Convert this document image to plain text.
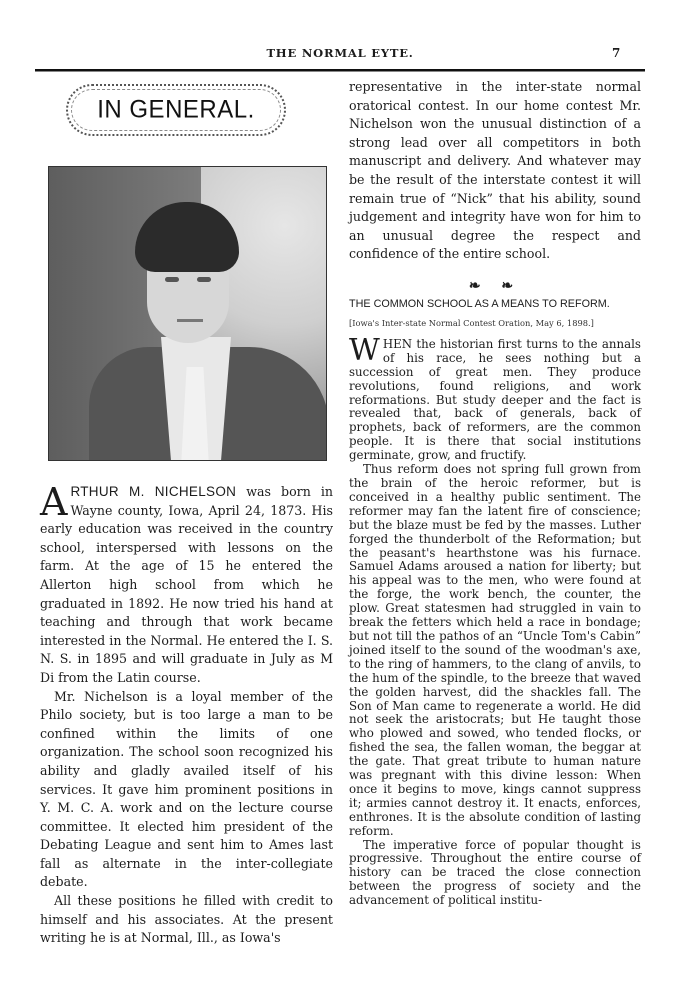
THE NORMAL EYTE.	7
IN GENERAL.

ARTHUR M. NICHELSON was born in Wayne county, Iowa, April 24, 1873. His early education was received in the country school, interspersed with lessons on the farm. At the age of 15 he entered the Allerton high school from which he graduated in 1892. He now tried his hand at teaching and through that work became interested in the Normal. He entered the I. S. N. S. in 1895 and will graduate in July as M Di from the Latin course.

Mr. Nichelson is a loyal member of the Philo society, but is too large a man to be confined within the limits of one organization. The school soon recognized his ability and gladly availed itself of his services. It gave him prominent positions in Y. M. C. A. work and on the lecture course committee. It elected him president of the Debating League and sent him to Ames last fall as alternate in the inter-collegiate debate.

All these positions he filled with credit to himself and his associates. At the present writing he is at Normal, Ill., as Iowa's

representative in the inter-state normal oratorical contest. In our home contest Mr. Nichelson won the unusual distinction of a strong lead over all competitors in both manuscript and delivery. And whatever may be the result of the interstate contest it will remain true of “Nick” that his ability, sound judgement and integrity have won for him to an unusual degree the respect and confidence of the entire school.

❧ ❧
THE COMMON SCHOOL AS A MEANS TO REFORM.
[Iowa's Inter-state Normal Contest Oration, May 6, 1898.]

WHEN the historian first turns to the annals of his race, he sees nothing but a succession of great men. They produce revolutions, found religions, and work reformations. But study deeper and the fact is revealed that, back of generals, back of prophets, back of reformers, are the common people. It is there that social institutions germinate, grow, and fructify.

Thus reform does not spring full grown from the brain of the heroic reformer, but is conceived in a healthy public sentiment. The reformer may fan the latent fire of conscience; but the blaze must be fed by the masses. Luther forged the thunderbolt of the Reformation; but the peasant's hearthstone was his furnace. Samuel Adams aroused a nation for liberty; but his appeal was to the men, who were found at the forge, the work bench, the counter, the plow. Great statesmen had struggled in vain to break the fetters which held a race in bondage; but not till the pathos of an “Uncle Tom's Cabin” joined itself to the sound of the woodman's axe, to the ring of hammers, to the clang of anvils, to the hum of the spindle, to the breeze that waved the golden harvest, did the shackles fall. The Son of Man came to regenerate a world. He did not seek the aristocrats; but He taught those who plowed and sowed, who tended flocks, or fished the sea, the fallen woman, the beggar at the gate. That great tribute to human nature was pregnant with this divine lesson: When once it begins to move, kings cannot suppress it; armies cannot destroy it. It enacts, enforces, enthrones. It is the absolute condition of lasting reform.

The imperative force of popular thought is progressive. Throughout the entire course of history can be traced the close connection between the progress of society and the advancement of political institu-
